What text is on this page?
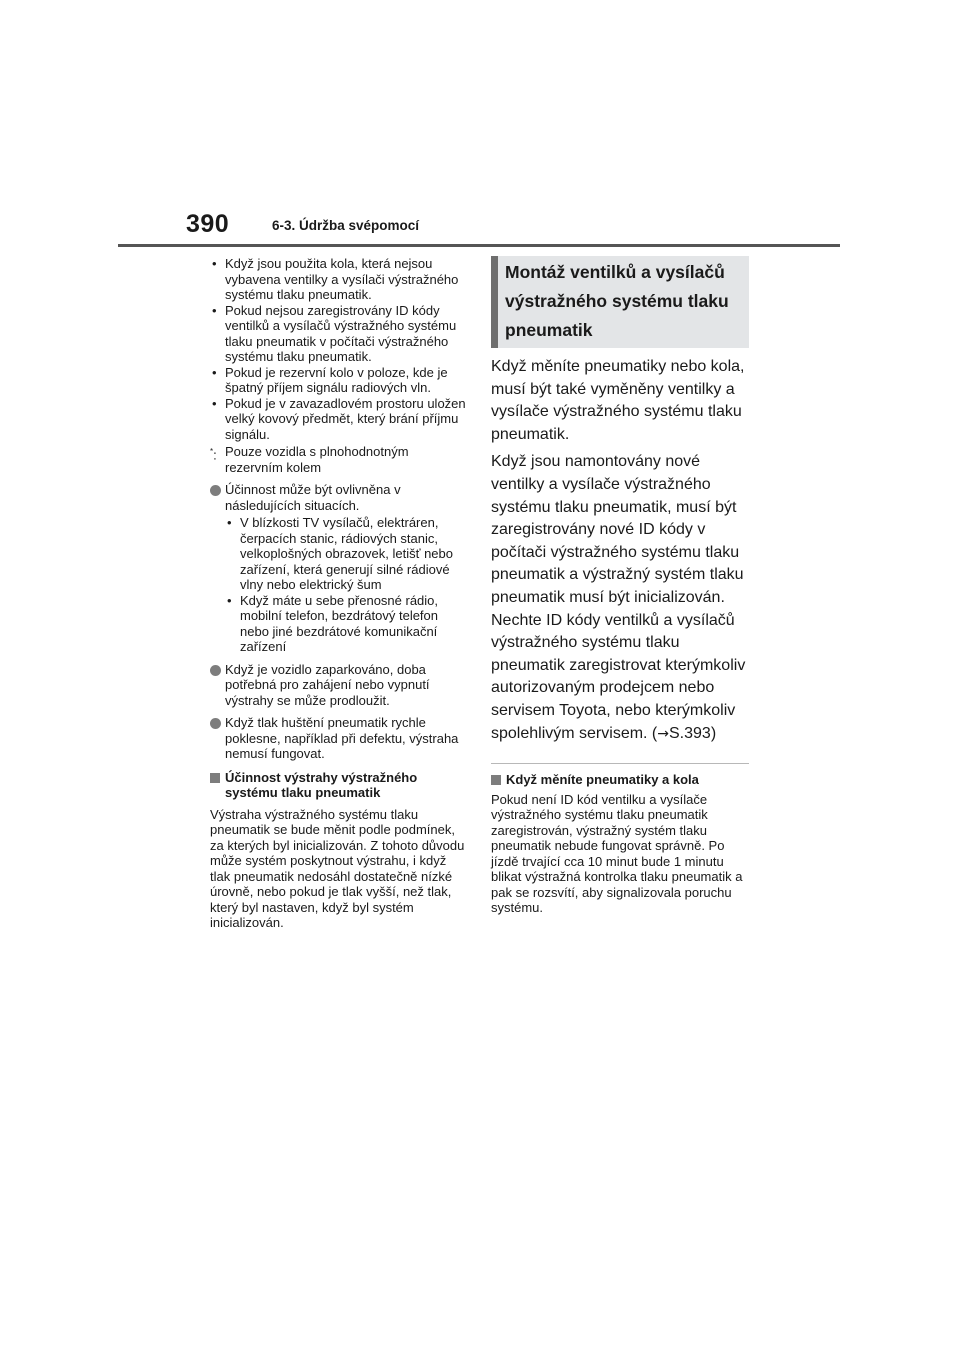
390	6-3. Údržba svépomocí
• Když jsou použita kola, která nejsou vybavena ventilky a vysílači výstražného systému tlaku pneumatik.
• Pokud nejsou zaregistrovány ID kódy ventilků a vysílačů výstražného systému tlaku pneumatik v počítači výstražného systému tlaku pneumatik.
• Pokud je rezervní kolo v poloze, kde je špatný příjem signálu radiových vln.
• Pokud je v zavazadlovém prostoru uložen velký kovový předmět, který brání příjmu signálu.
*: Pouze vozidla s plnohodnotným rezervním kolem
Účinnost může být ovlivněna v následujících situacích.
• V blízkosti TV vysílačů, elektráren, čerpacích stanic, rádiových stanic, velkoplošných obrazovek, letišť nebo zařízení, která generují silné rádiové vlny nebo elektrický šum
• Když máte u sebe přenosné rádio, mobilní telefon, bezdrátový telefon nebo jiné bezdrátové komunikační zařízení
Když je vozidlo zaparkováno, doba potřebná pro zahájení nebo vypnutí výstrahy se může prodloužit.
Když tlak huštění pneumatik rychle poklesne, například při defektu, výstraha nemusí fungovat.
Účinnost výstrahy výstražného systému tlaku pneumatik
Výstraha výstražného systému tlaku pneumatik se bude měnit podle podmínek, za kterých byl inicializován. Z tohoto důvodu může systém poskytnout výstrahu, i když tlak pneumatik nedosáhl dostatečně nízké úrovně, nebo pokud je tlak vyšší, než tlak, který byl nastaven, když byl systém inicializován.
Montáž ventilků a vysílačů výstražného systému tlaku pneumatik

Když měníte pneumatiky nebo kola, musí být také vyměněny ventilky a vysílače výstražného systému tlaku pneumatik.

Když jsou namontovány nové ventilky a vysílače výstražného systému tlaku pneumatik, musí být zaregistrovány nové ID kódy v počítači výstražného systému tlaku pneumatik a výstražný systém tlaku pneumatik musí být inicializován. Nechte ID kódy ventilků a vysílačů výstražného systému tlaku pneumatik zaregistrovat kterýmkoliv autorizovaným prodejcem nebo servisem Toyota, nebo kterýmkoliv spolehlivým servisem. (→S.393)

Když měníte pneumatiky a kola
Pokud není ID kód ventilku a vysílače výstražného systému tlaku pneumatik zaregistrován, výstražný systém tlaku pneumatik nebude fungovat správně. Po jízdě trvající cca 10 minut bude 1 minutu blikat výstražná kontrolka tlaku pneumatik a pak se rozsvítí, aby signalizovala poruchu systému.
